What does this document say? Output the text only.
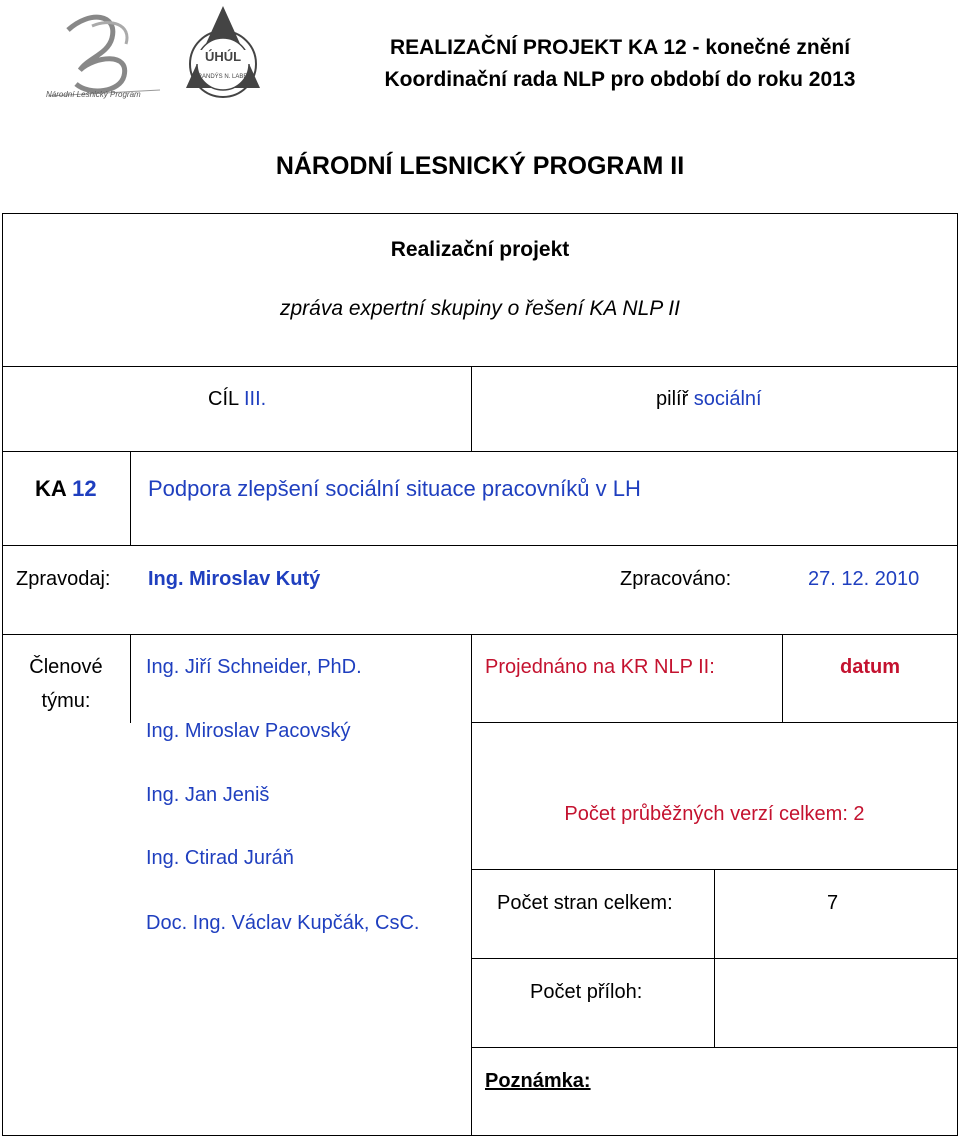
Národní Lesnický Program
ÚHÚL
BRANDÝS N. LABEM
REALIZAČNÍ PROJEKT KA 12 - konečné znění
Koordinační rada NLP pro období do roku 2013
NÁRODNÍ LESNICKÝ PROGRAM II
Realizační projekt
zpráva expertní skupiny o řešení KA NLP II
CÍL III.	pilíř sociální
KA 12 Podpora zlepšení sociální situace pracovníků v LH
Zpravodaj: Ing. Miroslav Kutý	Zpracováno:	27. 12. 2010
Členové
týmu:
Ing. Jiří Schneider, PhD.
Ing. Miroslav Pacovský
Ing. Jan Jeniš
Ing. Ctirad Juráň
Doc. Ing. Václav Kupčák, CsC.
Projednáno na KR NLP II:	datum
Počet průběžných verzí celkem: 2
Počet stran celkem:	7
Počet příloh:
Poznámka:
